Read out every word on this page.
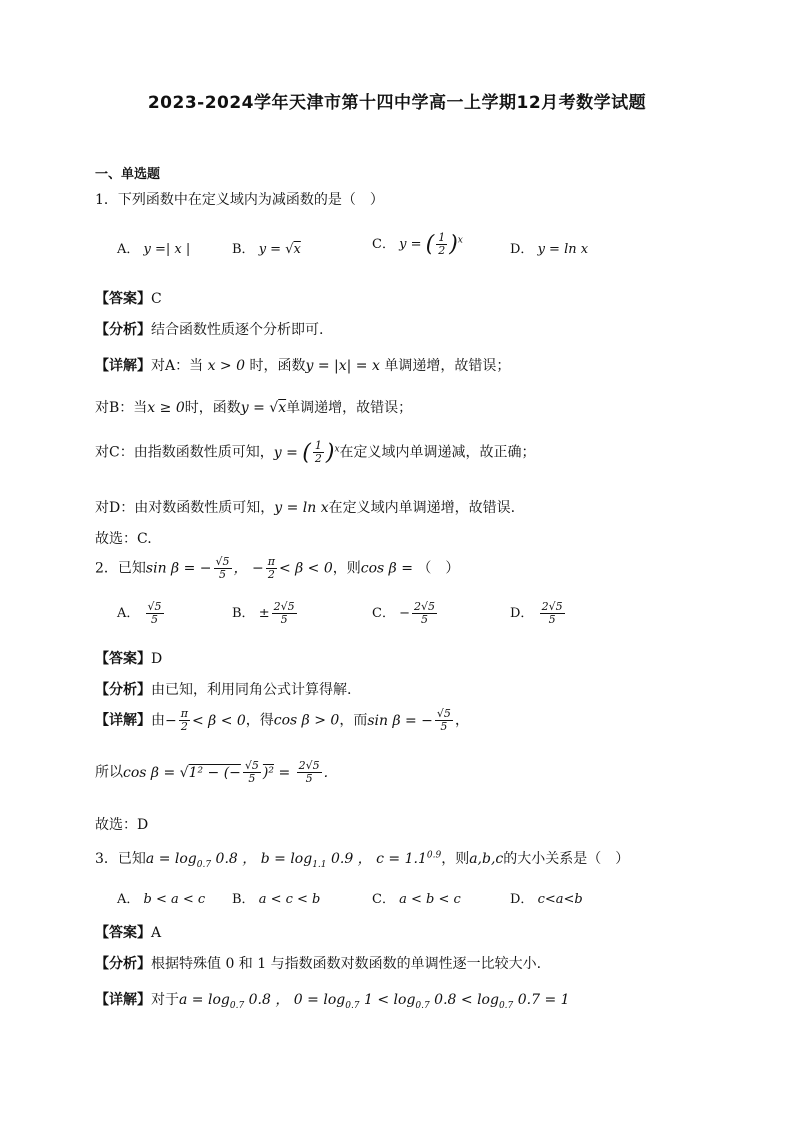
2023-2024学年天津市第十四中学高一上学期12月考数学试题
一、单选题
1．下列函数中在定义域内为减函数的是（　）
A． y =| x |	B． y = √x	C． y = ( $\frac{1}{2} )^x$
D． y = ln x
【答案】C
【分析】结合函数性质逐个分析即可.
【详解】对A：当 x > 0 时，函数y = |x| = x 单调递增，故错误；
对B：当x ≥ 0时，函数y = √x单调递增，故错误；
对C：由指数函数性质可知，y = ( $\frac{1}{2} )^x$在定义域内单调递减，故正确；
对D：由对数函数性质可知，y = ln x在定义域内单调递增，故错误.
故选：C.
2．已知sin β = − $\frac{√5}{5}$ ， − $\frac{\pi}{2} < \beta < 0$，则cos β = （　）
A． $\frac{√5}{5}$	B． ± $\frac{2√5}{5}$	C． − $\frac{2√5}{5}$	D． $\frac{2√5}{5}$
【答案】D
【分析】由已知，利用同角公式计算得解.
【详解】由− $\frac{\pi}{2} < \beta < 0$，得cos β > 0，而sin β = − $\frac{√5}{5}$ ，
所以cos β = √1² − (− $\frac{√5}{5} )^2 = \frac{2√5}{5}$ .
故选：D
3．已知$a = \log_{0.7} 0.8$ ， $b = \log_{1.1} 0.9$ ， $c = 1.1^{0.9}$，则a,b,c的大小关系是（　）
A． b < a < c B． a < c < b	C． a < b < c	D． c<a<b
【答案】A
【分析】根据特殊值 0 和 1 与指数函数对数函数的单调性逐一比较大小.
【详解】对于$a = \log_{0.7} 0.8$ ， $0 = \log_{0.7} 1 < \log_{0.7} 0.8 < \log_{0.7} 0.7 = 1$
